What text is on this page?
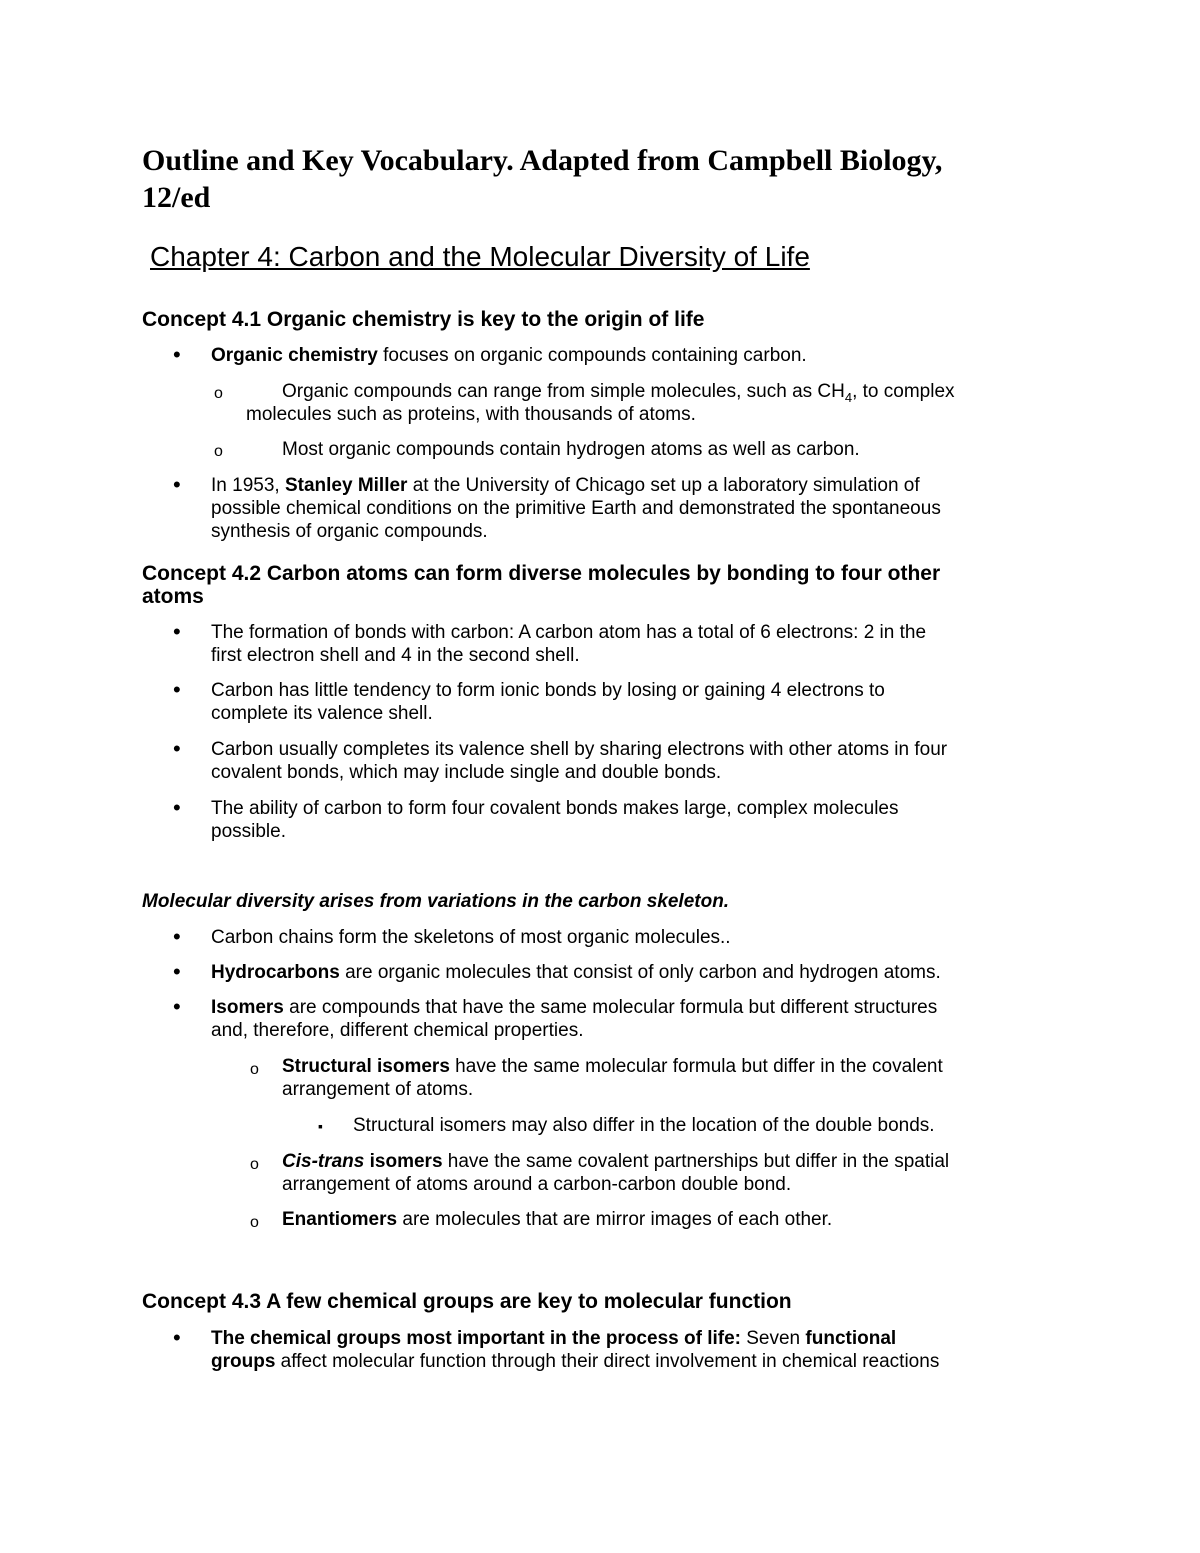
Outline and Key Vocabulary. Adapted from Campbell Biology,
12/ed
Chapter 4: Carbon and the Molecular Diversity of Life
Concept 4.1 Organic chemistry is key to the origin of life
• Organic chemistry focuses on organic compounds containing carbon.
o	Organic compounds can range from simple molecules, such as $CH_4$, to complex
molecules such as proteins, with thousands of atoms.
o	Most organic compounds contain hydrogen atoms as well as carbon.
• In 1953, Stanley Miller at the University of Chicago set up a laboratory simulation of
possible chemical conditions on the primitive Earth and demonstrated the spontaneous
synthesis of organic compounds.
Concept 4.2 Carbon atoms can form diverse molecules by bonding to four other
atoms
• The formation of bonds with carbon: A carbon atom has a total of 6 electrons: 2 in the
first electron shell and 4 in the second shell.
• Carbon has little tendency to form ionic bonds by losing or gaining 4 electrons to
complete its valence shell.
• Carbon usually completes its valence shell by sharing electrons with other atoms in four
covalent bonds, which may include single and double bonds.
• The ability of carbon to form four covalent bonds makes large, complex molecules
possible.
Molecular diversity arises from variations in the carbon skeleton.
• Carbon chains form the skeletons of most organic molecules..
• Hydrocarbons are organic molecules that consist of only carbon and hydrogen atoms.
• Isomers are compounds that have the same molecular formula but different structures
and, therefore, different chemical properties.
o Structural isomers have the same molecular formula but differ in the covalent
arrangement of atoms.
▪ Structural isomers may also differ in the location of the double bonds.
o Cis-trans isomers have the same covalent partnerships but differ in the spatial
arrangement of atoms around a carbon-carbon double bond.
o Enantiomers are molecules that are mirror images of each other.
Concept 4.3 A few chemical groups are key to molecular function
• The chemical groups most important in the process of life: Seven functional
groups affect molecular function through their direct involvement in chemical reactions
